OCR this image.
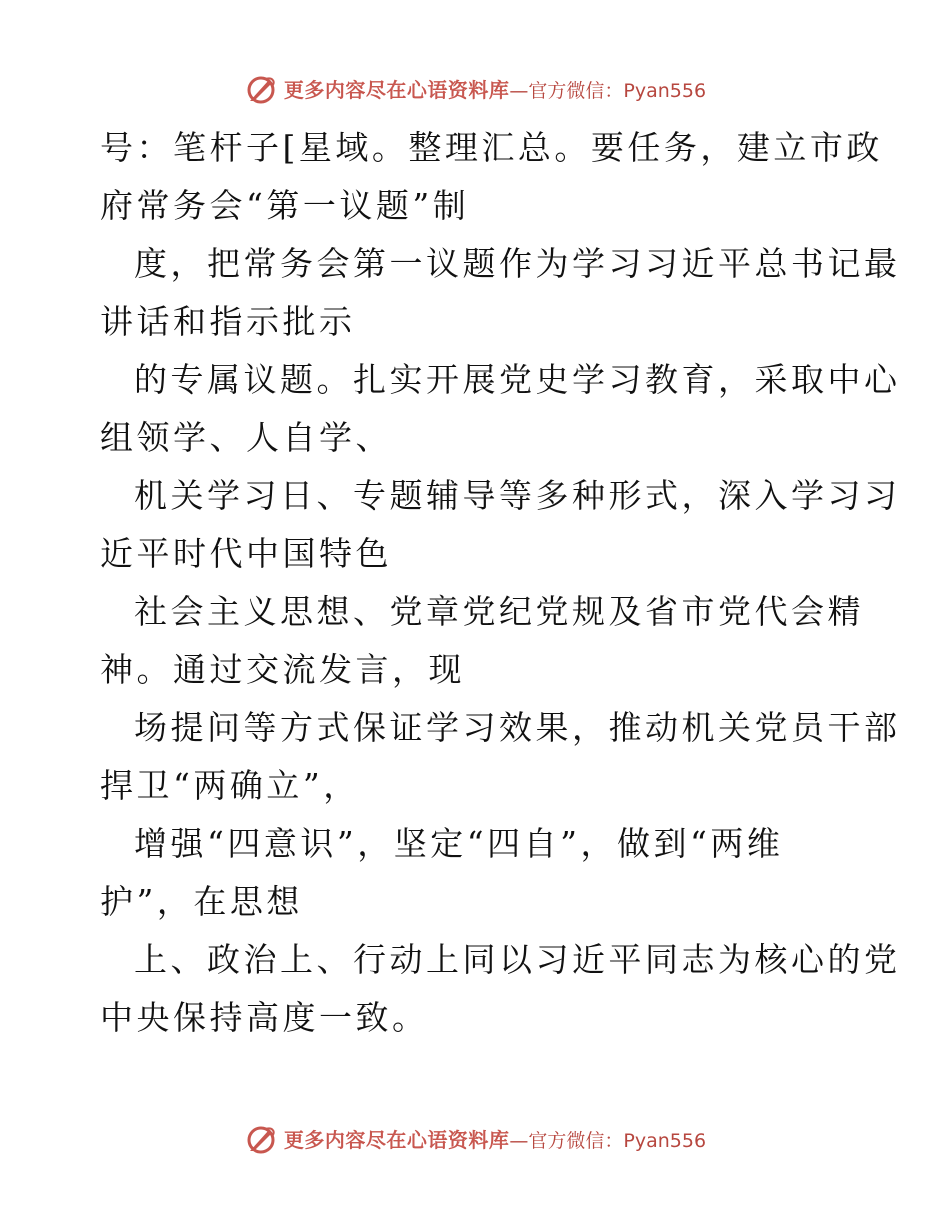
更多内容尽在心语资料库 —官方微信：Pyan556
号：笔杆子[星域。整理汇总。要任务，建立市政
府常务会“第一议题”制
度，把常务会第一议题作为学习习近平总书记最
讲话和指示批示
的专属议题。扎实开展党史学习教育，采取中心
组领学、人自学、
机关学习日、专题辅导等多种形式，深入学习习
近平时代中国特色
社会主义思想、党章党纪党规及省市党代会精
神。通过交流发言，现
场提问等方式保证学习效果，推动机关党员干部
捍卫“两确立”，
增强“四意识”，坚定“四自”，做到“两维
护”，在思想
上、政治上、行动上同以习近平同志为核心的党
中央保持高度一致。
更多内容尽在心语资料库 —官方微信：Pyan556
